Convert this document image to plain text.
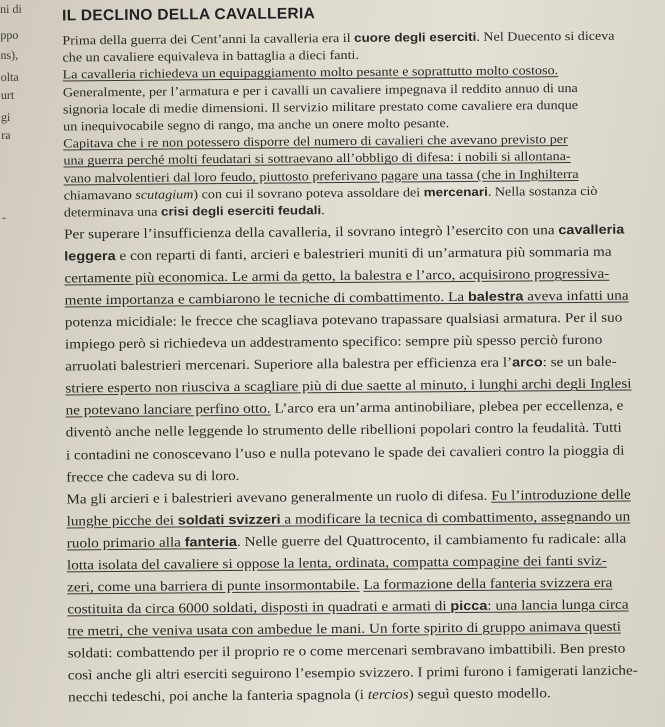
ni di
ppo
ns),
olta
urt
gi
ra
-
IL DECLINO DELLA CAVALLERIA
Prima della guerra dei Cent’anni la cavalleria era il cuore degli eserciti. Nel Duecento si diceva
che un cavaliere equivaleva in battaglia a dieci fanti.
La cavalleria richiedeva un equipaggiamento molto pesante e soprattutto molto costoso.
Generalmente, per l’armatura e per i cavalli un cavaliere impegnava il reddito annuo di una
signoria locale di medie dimensioni. Il servizio militare prestato come cavaliere era dunque
un inequivocabile segno di rango, ma anche un onere molto pesante.
Capitava che i re non potessero disporre del numero di cavalieri che avevano previsto per
una guerra perché molti feudatari si sottraevano all’obbligo di difesa: i nobili si allontana-
vano malvolentieri dal loro feudo, piuttosto preferivano pagare una tassa (che in Inghilterra
chiamavano scutagium) con cui il sovrano poteva assoldare dei mercenari. Nella sostanza ciò
determinava una crisi degli eserciti feudali.
Per superare l’insufficienza della cavalleria, il sovrano integrò l’esercito con una cavalleria
leggera e con reparti di fanti, arcieri e balestrieri muniti di un’armatura più sommaria ma
certamente più economica. Le armi da getto, la balestra e l’arco, acquisirono progressiva-
mente importanza e cambiarono le tecniche di combattimento. La balestra aveva infatti una
potenza micidiale: le frecce che scagliava potevano trapassare qualsiasi armatura. Per il suo
impiego però si richiedeva un addestramento specifico: sempre più spesso perciò furono
arruolati balestrieri mercenari. Superiore alla balestra per efficienza era l’arco: se un bale-
striere esperto non riusciva a scagliare più di due saette al minuto, i lunghi archi degli Inglesi
ne potevano lanciare perfino otto. L’arco era un’arma antinobiliare, plebea per eccellenza, e
diventò anche nelle leggende lo strumento delle ribellioni popolari contro la feudalità. Tutti
i contadini ne conoscevano l’uso e nulla potevano le spade dei cavalieri contro la pioggia di
frecce che cadeva su di loro.
Ma gli arcieri e i balestrieri avevano generalmente un ruolo di difesa. Fu l’introduzione delle
lunghe picche dei soldati svizzeri a modificare la tecnica di combattimento, assegnando un
ruolo primario alla fanteria. Nelle guerre del Quattrocento, il cambiamento fu radicale: alla
lotta isolata del cavaliere si oppose la lenta, ordinata, compatta compagine dei fanti sviz-
zeri, come una barriera di punte insormontabile. La formazione della fanteria svizzera era
costituita da circa 6000 soldati, disposti in quadrati e armati di picca: una lancia lunga circa
tre metri, che veniva usata con ambedue le mani. Un forte spirito di gruppo animava questi
soldati: combattendo per il proprio re o come mercenari sembravano imbattibili. Ben presto
così anche gli altri eserciti seguirono l’esempio svizzero. I primi furono i famigerati lanziche-
necchi tedeschi, poi anche la fanteria spagnola (i tercios) seguì questo modello.
